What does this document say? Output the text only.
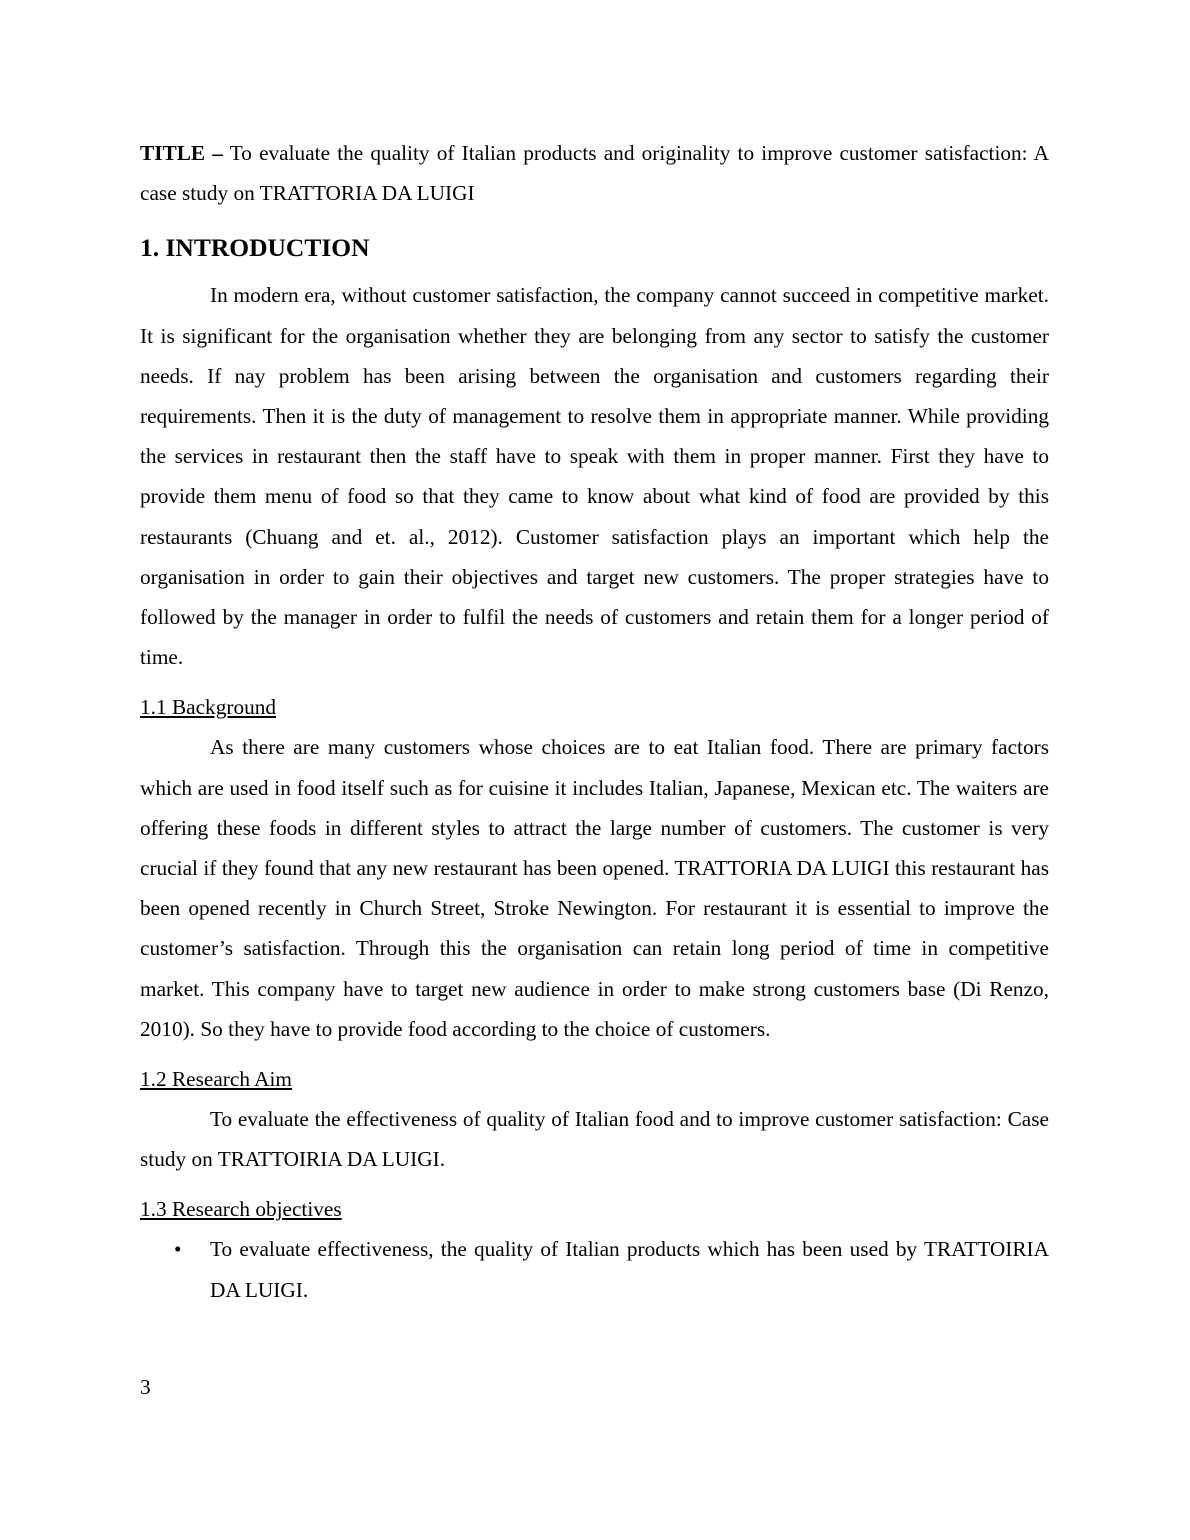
TITLE – To evaluate the quality of Italian products and originality to improve customer satisfaction: A case study on TRATTORIA DA LUIGI

1. INTRODUCTION

In modern era, without customer satisfaction, the company cannot succeed in competitive market. It is significant for the organisation whether they are belonging from any sector to satisfy the customer needs. If nay problem has been arising between the organisation and customers regarding their requirements. Then it is the duty of management to resolve them in appropriate manner. While providing the services in restaurant then the staff have to speak with them in proper manner. First they have to provide them menu of food so that they came to know about what kind of food are provided by this restaurants (Chuang and et. al., 2012). Customer satisfaction plays an important which help the organisation in order to gain their objectives and target new customers. The proper strategies have to followed by the manager in order to fulfil the needs of customers and retain them for a longer period of time.

1.1 Background

As there are many customers whose choices are to eat Italian food. There are primary factors which are used in food itself such as for cuisine it includes Italian, Japanese, Mexican etc. The waiters are offering these foods in different styles to attract the large number of customers. The customer is very crucial if they found that any new restaurant has been opened. TRATTORIA DA LUIGI this restaurant has been opened recently in Church Street, Stroke Newington. For restaurant it is essential to improve the customer’s satisfaction. Through this the organisation can retain long period of time in competitive market. This company have to target new audience in order to make strong customers base (Di Renzo, 2010). So they have to provide food according to the choice of customers.

1.2 Research Aim

To evaluate the effectiveness of quality of Italian food and to improve customer satisfaction: Case study on TRATTOIRIA DA LUIGI.

1.3 Research objectives
• To evaluate effectiveness, the quality of Italian products which has been used by TRATTOIRIA DA LUIGI.

3
